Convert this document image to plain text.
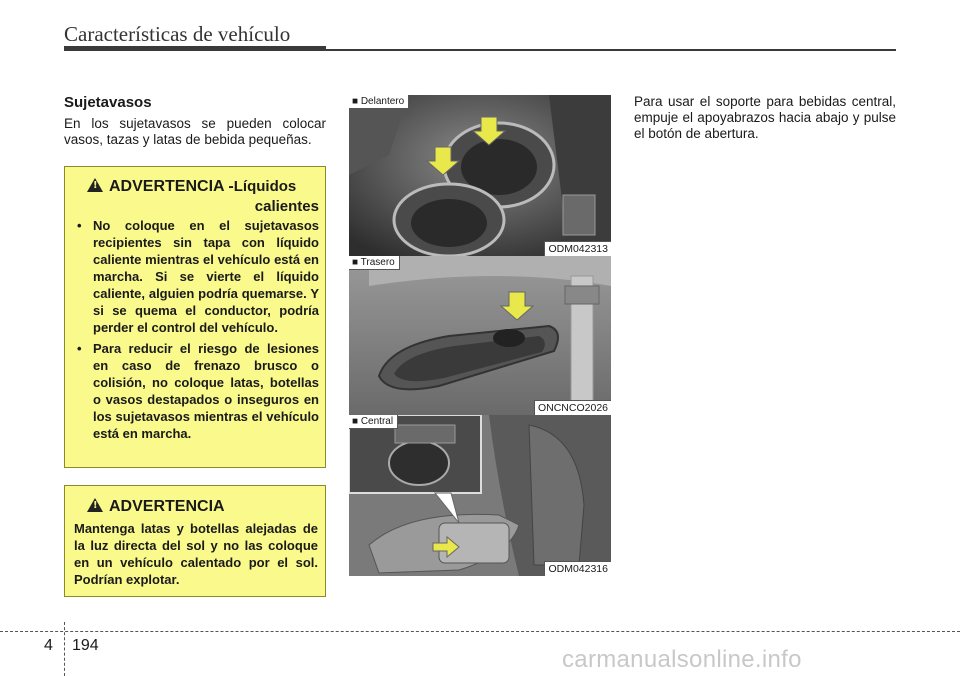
Características de vehículo
Sujetavasos
En los sujetavasos se pueden colocar vasos, tazas y latas de bebida pequeñas.
!
ADVERTENCIA - Líquidos
calientes
• No coloque en el sujetavasos recipientes sin tapa con líquido caliente mientras el vehículo está en marcha. Si se vierte el líquido caliente, alguien podría quemarse. Y si se quema el conductor, podría perder el control del vehículo.
• Para reducir el riesgo de lesiones en caso de frenazo brusco o colisión, no coloque latas, botellas o vasos destapados o inseguros en los sujetavasos mientras el vehículo está en marcha.
!
ADVERTENCIA
Mantenga latas y botellas alejadas de la luz directa del sol y no las coloque en un vehículo calentado por el sol. Podrían explotar.
■ Delantero
ODM042313
■ Trasero
ONCNCO2026
■ Central
ODM042316
Para usar el soporte para bebidas central, empuje el apoyabrazos hacia abajo y pulse el botón de abertura.
4 194
carmanualsonline.info
